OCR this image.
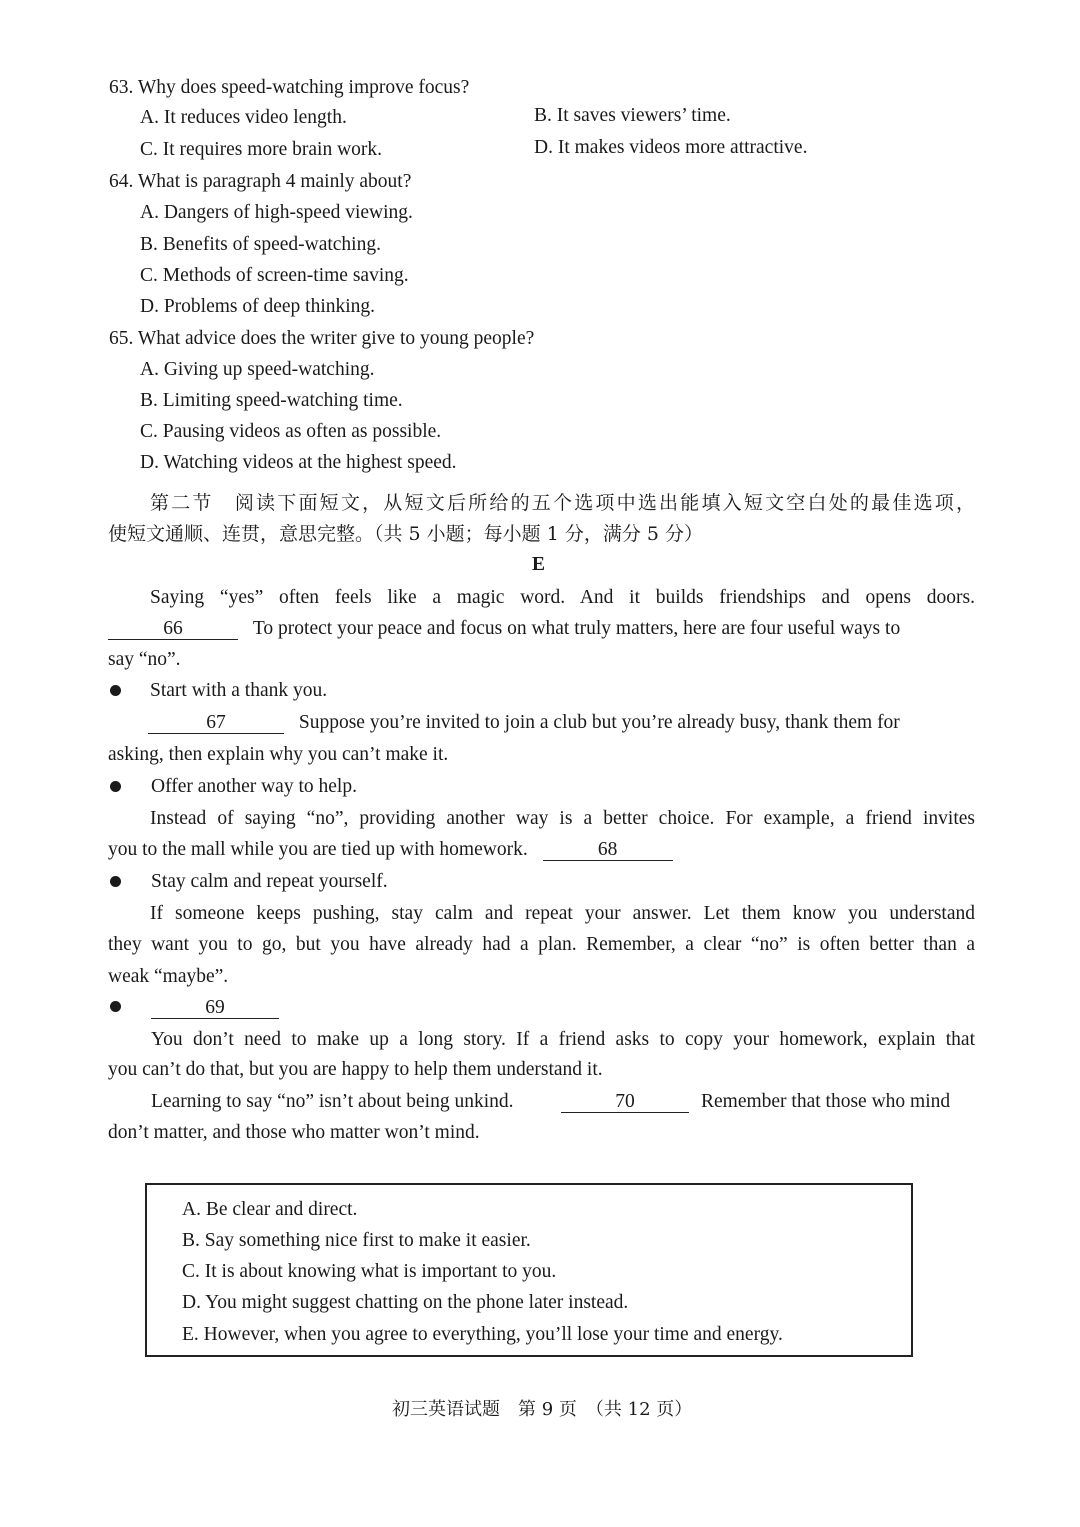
63. Why does speed-watching improve focus?
A. It reduces video length.	B. It saves viewers’ time.
C. It requires more brain work.	D. It makes videos more attractive.
64. What is paragraph 4 mainly about?
A. Dangers of high-speed viewing.
B. Benefits of speed-watching.
C. Methods of screen-time saving.
D. Problems of deep thinking.
65. What advice does the writer give to young people?
A. Giving up speed-watching.
B. Limiting speed-watching time.
C. Pausing videos as often as possible.
D. Watching videos at the highest speed.
第二节　阅读下面短文，从短文后所给的五个选项中选出能填入短文空白处的最佳选项，
使短文通顺、连贯，意思完整。（共 5 小题；每小题 1 分，满分 5 分）
E
Saying “yes” often feels like a magic word. And it builds friendships and opens doors.
66	To protect your peace and focus on what truly matters, here are four useful ways to
say “no”.
Start with a thank you.
67	Suppose you’re invited to join a club but you’re already busy, thank them for
asking, then explain why you can’t make it.
Offer another way to help.
Instead of saying “no”, providing another way is a better choice. For example, a friend invites
you to the mall while you are tied up with homework.	68
Stay calm and repeat yourself.
If someone keeps pushing, stay calm and repeat your answer. Let them know you understand
they want you to go, but you have already had a plan. Remember, a clear “no” is often better than a
weak “maybe”.
69
You don’t need to make up a long story. If a friend asks to copy your homework, explain that
you can’t do that, but you are happy to help them understand it.
Learning to say “no” isn’t about being unkind.	70	Remember that those who mind
don’t matter, and those who matter won’t mind.
A. Be clear and direct.
B. Say something nice first to make it easier.
C. It is about knowing what is important to you.
D. You might suggest chatting on the phone later instead.
E. However, when you agree to everything, you’ll lose your time and energy.
初三英语试题　第 9 页　（共 12 页）
